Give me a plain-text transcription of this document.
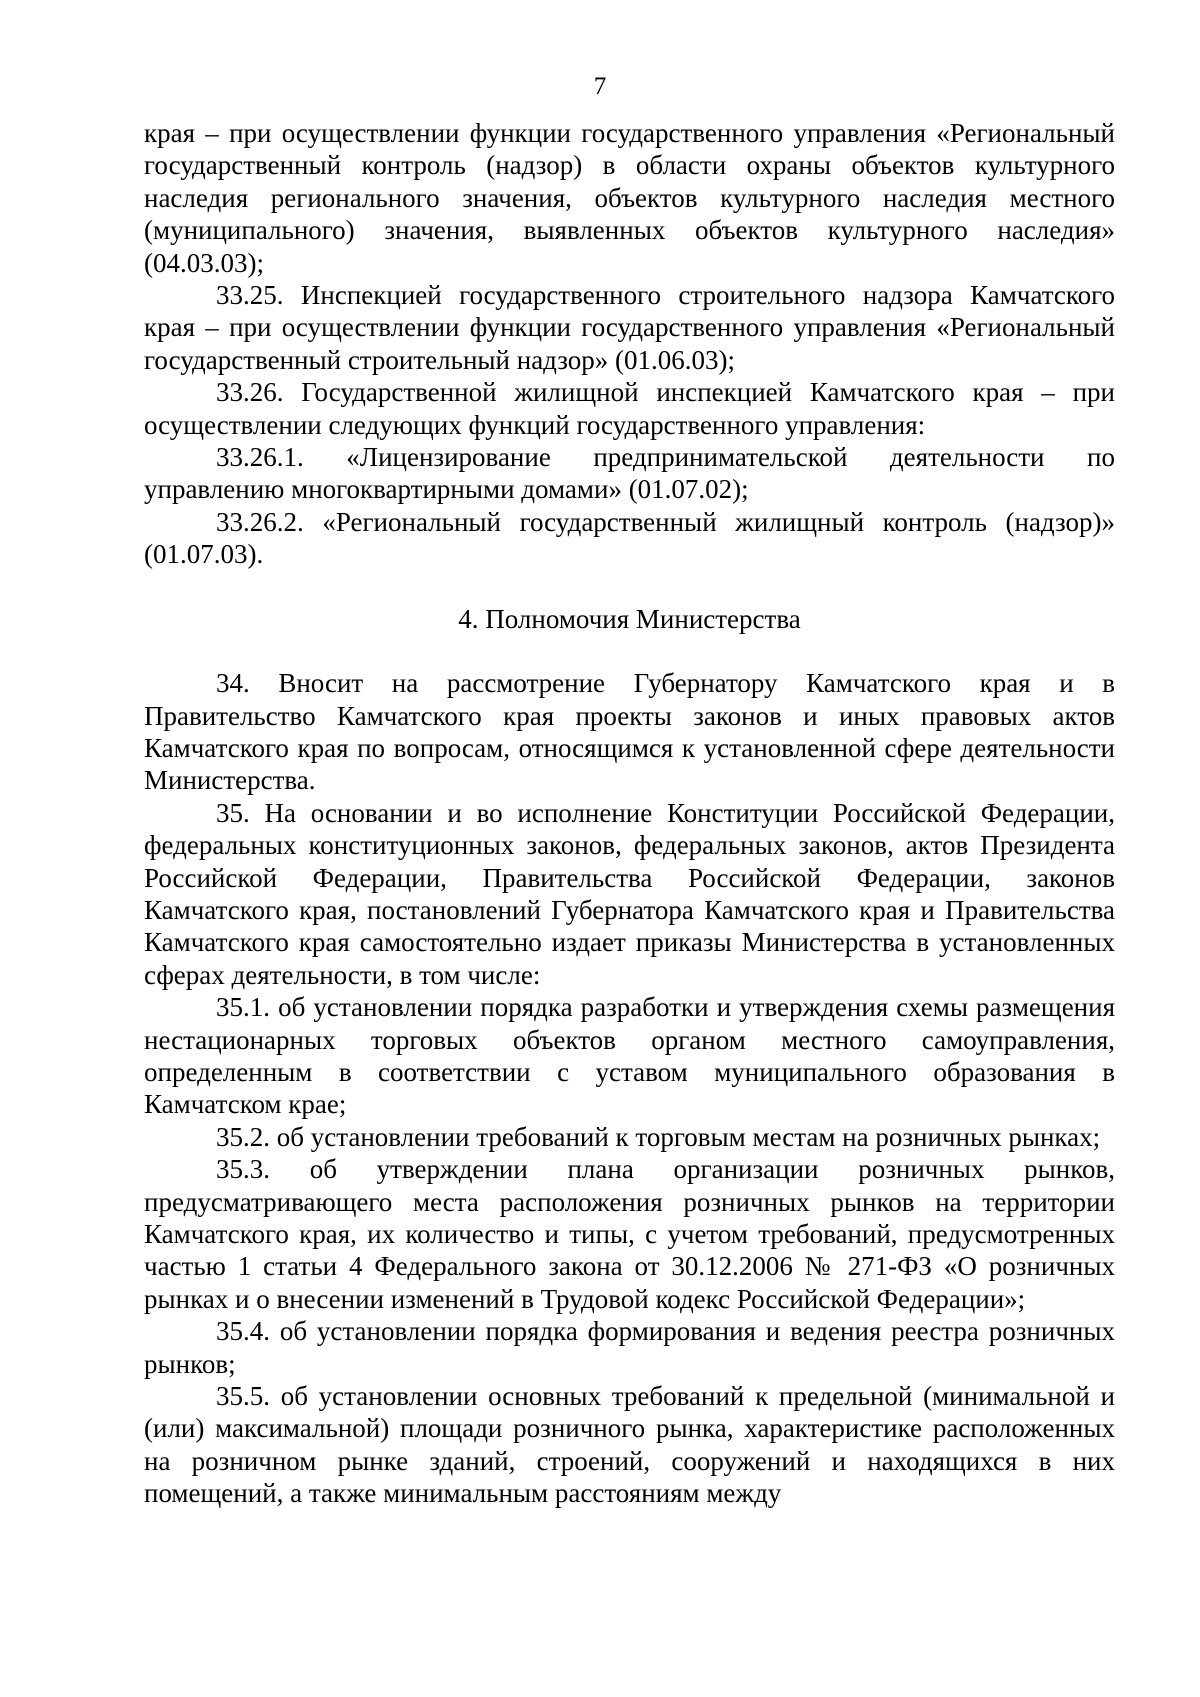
7

края – при осуществлении функции государственного управления «Региональный государственный контроль (надзор) в области охраны объектов культурного наследия регионального значения, объектов культурного наследия местного (муниципального) значения, выявленных объектов культурного наследия» (04.03.03);

33.25. Инспекцией государственного строительного надзора Камчатского края – при осуществлении функции государственного управления «Региональный государственный строительный надзор» (01.06.03);

33.26. Государственной жилищной инспекцией Камчатского края – при осуществлении следующих функций государственного управления:

33.26.1. «Лицензирование предпринимательской деятельности по управлению многоквартирными домами» (01.07.02);

33.26.2. «Региональный государственный жилищный контроль (надзор)» (01.07.03).

4. Полномочия Министерства

34. Вносит на рассмотрение Губернатору Камчатского края и в Правительство Камчатского края проекты законов и иных правовых актов Камчатского края по вопросам, относящимся к установленной сфере деятельности Министерства.

35. На основании и во исполнение Конституции Российской Федерации, федеральных конституционных законов, федеральных законов, актов Президента Российской Федерации, Правительства Российской Федерации, законов Камчатского края, постановлений Губернатора Камчатского края и Правительства Камчатского края самостоятельно издает приказы Министерства в установленных сферах деятельности, в том числе:

35.1. об установлении порядка разработки и утверждения схемы размещения нестационарных торговых объектов органом местного самоуправления, определенным в соответствии с уставом муниципального образования в Камчатском крае;

35.2. об установлении требований к торговым местам на розничных рынках;

35.3. об утверждении плана организации розничных рынков, предусматривающего места расположения розничных рынков на территории Камчатского края, их количество и типы, с учетом требований, предусмотренных частью 1 статьи 4 Федерального закона от 30.12.2006 № 271-ФЗ «О розничных рынках и о внесении изменений в Трудовой кодекс Российской Федерации»;

35.4. об установлении порядка формирования и ведения реестра розничных рынков;

35.5. об установлении основных требований к предельной (минимальной и (или) максимальной) площади розничного рынка, характеристике расположенных на розничном рынке зданий, строений, сооружений и находящихся в них помещений, а также минимальным расстояниям между
